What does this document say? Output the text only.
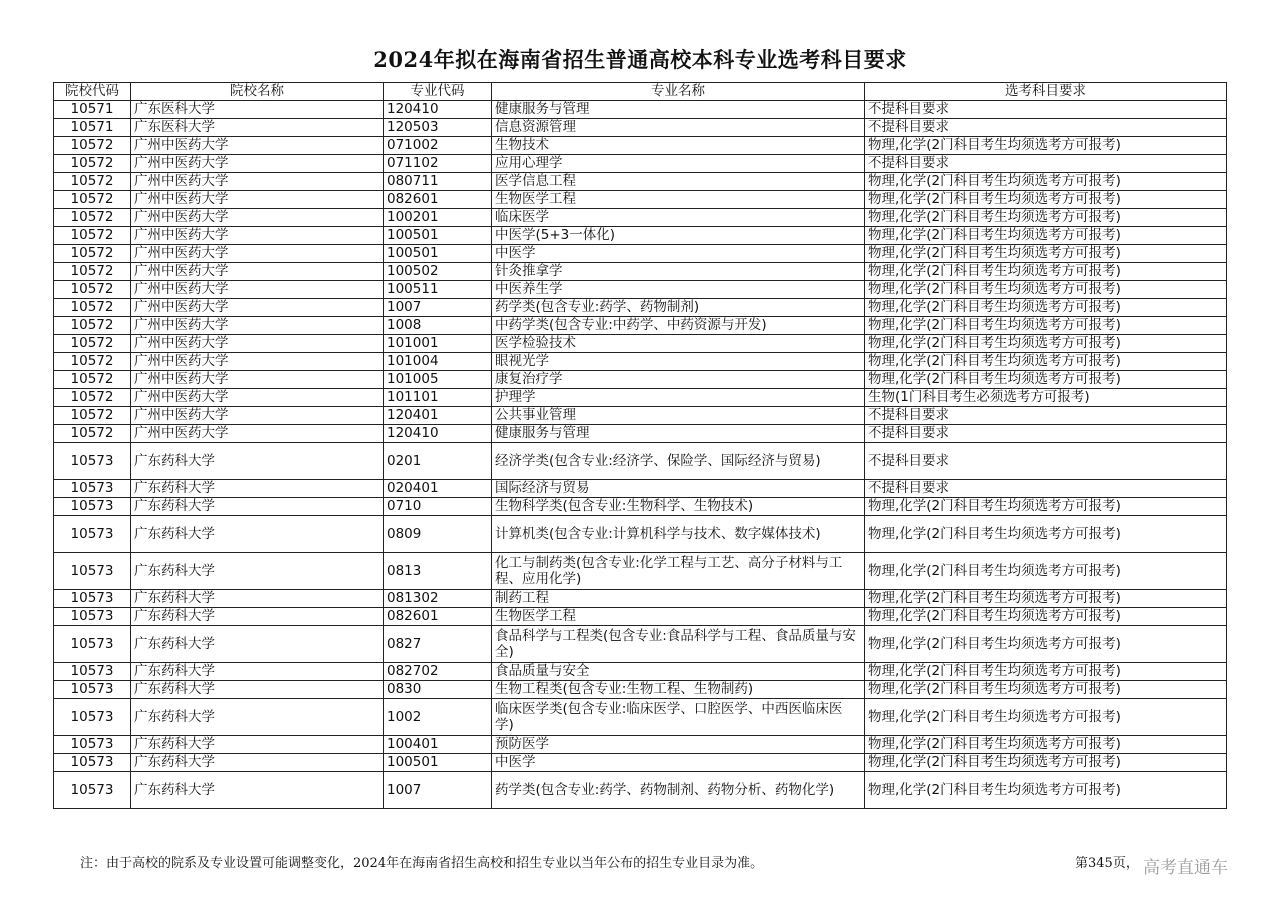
2024年拟在海南省招生普通高校本科专业选考科目要求
院校代码	院校名称	专业代码	专业名称	选考科目要求
10571	广东医科大学	120410	健康服务与管理	不提科目要求
10571	广东医科大学	120503	信息资源管理	不提科目要求
10572	广州中医药大学	071002	生物技术	物理,化学(2门科目考生均须选考方可报考)
10572	广州中医药大学	071102	应用心理学	不提科目要求
10572	广州中医药大学	080711	医学信息工程	物理,化学(2门科目考生均须选考方可报考)
10572	广州中医药大学	082601	生物医学工程	物理,化学(2门科目考生均须选考方可报考)
10572	广州中医药大学	100201	临床医学	物理,化学(2门科目考生均须选考方可报考)
10572	广州中医药大学	100501	中医学(5+3一体化)	物理,化学(2门科目考生均须选考方可报考)
10572	广州中医药大学	100501	中医学	物理,化学(2门科目考生均须选考方可报考)
10572	广州中医药大学	100502	针灸推拿学	物理,化学(2门科目考生均须选考方可报考)
10572	广州中医药大学	100511	中医养生学	物理,化学(2门科目考生均须选考方可报考)
10572	广州中医药大学	1007	药学类(包含专业:药学、药物制剂)	物理,化学(2门科目考生均须选考方可报考)
10572	广州中医药大学	1008	中药学类(包含专业:中药学、中药资源与开发)	物理,化学(2门科目考生均须选考方可报考)
10572	广州中医药大学	101001	医学检验技术	物理,化学(2门科目考生均须选考方可报考)
10572	广州中医药大学	101004	眼视光学	物理,化学(2门科目考生均须选考方可报考)
10572	广州中医药大学	101005	康复治疗学	物理,化学(2门科目考生均须选考方可报考)
10572	广州中医药大学	101101	护理学	生物(1门科目考生必须选考方可报考)
10572	广州中医药大学	120401	公共事业管理	不提科目要求
10572	广州中医药大学	120410	健康服务与管理	不提科目要求
10573	广东药科大学	0201	经济学类(包含专业:经济学、保险学、国际经济与贸易)	不提科目要求
10573	广东药科大学	020401	国际经济与贸易	不提科目要求
10573	广东药科大学	0710	生物科学类(包含专业:生物科学、生物技术)	物理,化学(2门科目考生均须选考方可报考)
10573	广东药科大学	0809	计算机类(包含专业:计算机科学与技术、数字媒体技术)	物理,化学(2门科目考生均须选考方可报考)
10573	广东药科大学	0813	化工与制药类(包含专业:化学工程与工艺、高分子材料与工程、应用化学)	物理,化学(2门科目考生均须选考方可报考)
10573	广东药科大学	081302	制药工程	物理,化学(2门科目考生均须选考方可报考)
10573	广东药科大学	082601	生物医学工程	物理,化学(2门科目考生均须选考方可报考)
10573	广东药科大学	0827	食品科学与工程类(包含专业:食品科学与工程、食品质量与安全)	物理,化学(2门科目考生均须选考方可报考)
10573	广东药科大学	082702	食品质量与安全	物理,化学(2门科目考生均须选考方可报考)
10573	广东药科大学	0830	生物工程类(包含专业:生物工程、生物制药)	物理,化学(2门科目考生均须选考方可报考)
10573	广东药科大学	1002	临床医学类(包含专业:临床医学、口腔医学、中西医临床医学)	物理,化学(2门科目考生均须选考方可报考)
10573	广东药科大学	100401	预防医学	物理,化学(2门科目考生均须选考方可报考)
10573	广东药科大学	100501	中医学	物理,化学(2门科目考生均须选考方可报考)
10573	广东药科大学	1007	药学类(包含专业:药学、药物制剂、药物分析、药物化学)	物理,化学(2门科目考生均须选考方可报考)
注：由于高校的院系及专业设置可能调整变化，2024年在海南省招生高校和招生专业以当年公布的招生专业目录为准。	第345页， 高考直通车
